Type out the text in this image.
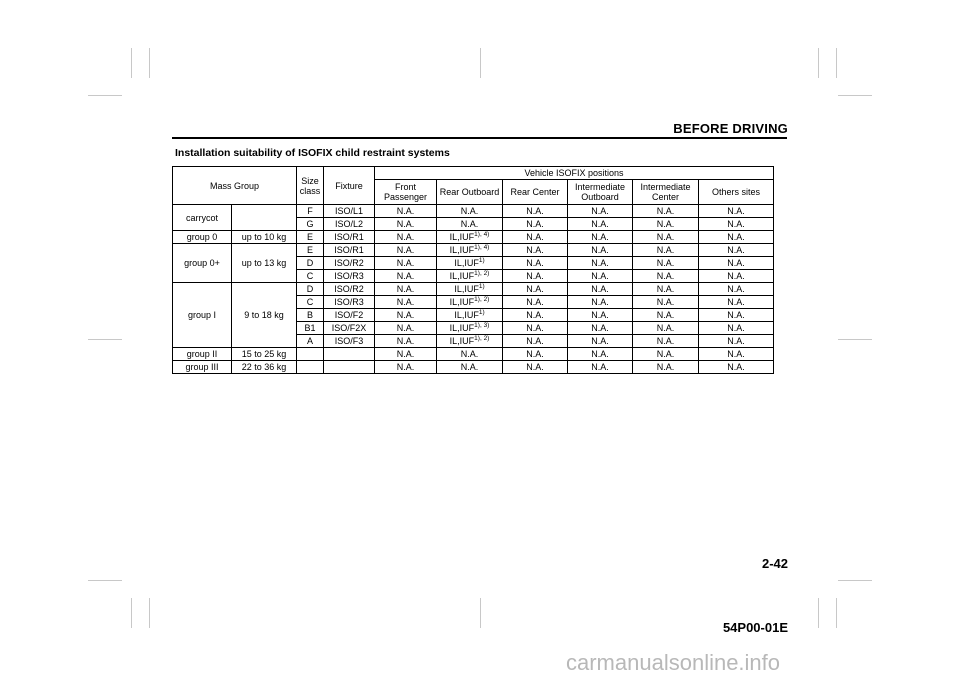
BEFORE DRIVING
Installation suitability of ISOFIX child restraint systems
Mass Group		Size class	Fixture	Vehicle ISOFIX positions					
				Front Passenger	Rear Outboard	Rear Center	Intermediate Outboard	Intermediate Center	Others sites
carrycot		F	ISO/L1	N.A.	N.A.	N.A.	N.A.	N.A.	N.A.
		G	ISO/L2	N.A.	N.A.	N.A.	N.A.	N.A.	N.A.
group 0	up to 10 kg	E	ISO/R1	N.A.	$IL,IUF^{1), 4)}$	N.A.	N.A.	N.A.	N.A.
group 0+	up to 13 kg	E	ISO/R1	N.A.	$IL,IUF^{1), 4)}$	N.A.	N.A.	N.A.	N.A.
		D	ISO/R2	N.A.	IL,IUF$^{1)}$	N.A.	N.A.	N.A.	N.A.
		C	ISO/R3	N.A.	$IL,IUF^{1), 2)}$	N.A.	N.A.	N.A.	N.A.
group I	9 to 18 kg	D	ISO/R2	N.A.	IL,IUF$^{1)}$	N.A.	N.A.	N.A.	N.A.
		C	ISO/R3	N.A.	$IL,IUF^{1), 2)}$	N.A.	N.A.	N.A.	N.A.
		B	ISO/F2	N.A.	IL,IUF$^{1)}$	N.A.	N.A.	N.A.	N.A.
		B1	ISO/F2X	N.A.	$IL,IUF^{1), 3)}$	N.A.	N.A.	N.A.	N.A.
		A	ISO/F3	N.A.	$IL,IUF^{1), 2)}$	N.A.	N.A.	N.A.	N.A.
group II	15 to 25 kg			N.A.	N.A.	N.A.	N.A.	N.A.	N.A.
group III	22 to 36 kg			N.A.	N.A.	N.A.	N.A.	N.A.	N.A.
2-42
54P00-01E
carmanualsonline.info
